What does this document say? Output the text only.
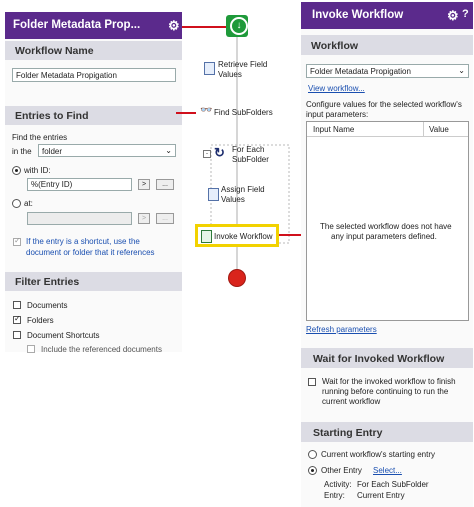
Folder Metadata Prop... ⚙
Workflow Name
Folder Metadata Propigation
Entries to Find
Find the entries
in the	folder	⌄
with ID:
%(Entry ID)	>	...
at:
>	...
✓ If the entry is a shortcut, use the
document or folder that it references
Filter Entries
Documents
✓ Folders
Document Shortcuts
Include the referenced documents
↓
Retrieve Field
Values
👓 Find SubFolders
- ↻ For Each
SubFolder
Assign Field
Values
Invoke Workflow
Invoke Workflow	⚙ ?
Workflow
Folder Metadata Propigation	⌄
View workflow...
Configure values for the selected workflow's
input parameters:
Input Name	Value
The selected workflow does not have
any input parameters defined.
Refresh parameters
Wait for Invoked Workflow
Wait for the invoked workflow to finish
running before continuing to run the
current workflow
Starting Entry
Current workflow's starting entry
Other Entry Select...
Activity: For Each SubFolder
Entry: Current Entry
